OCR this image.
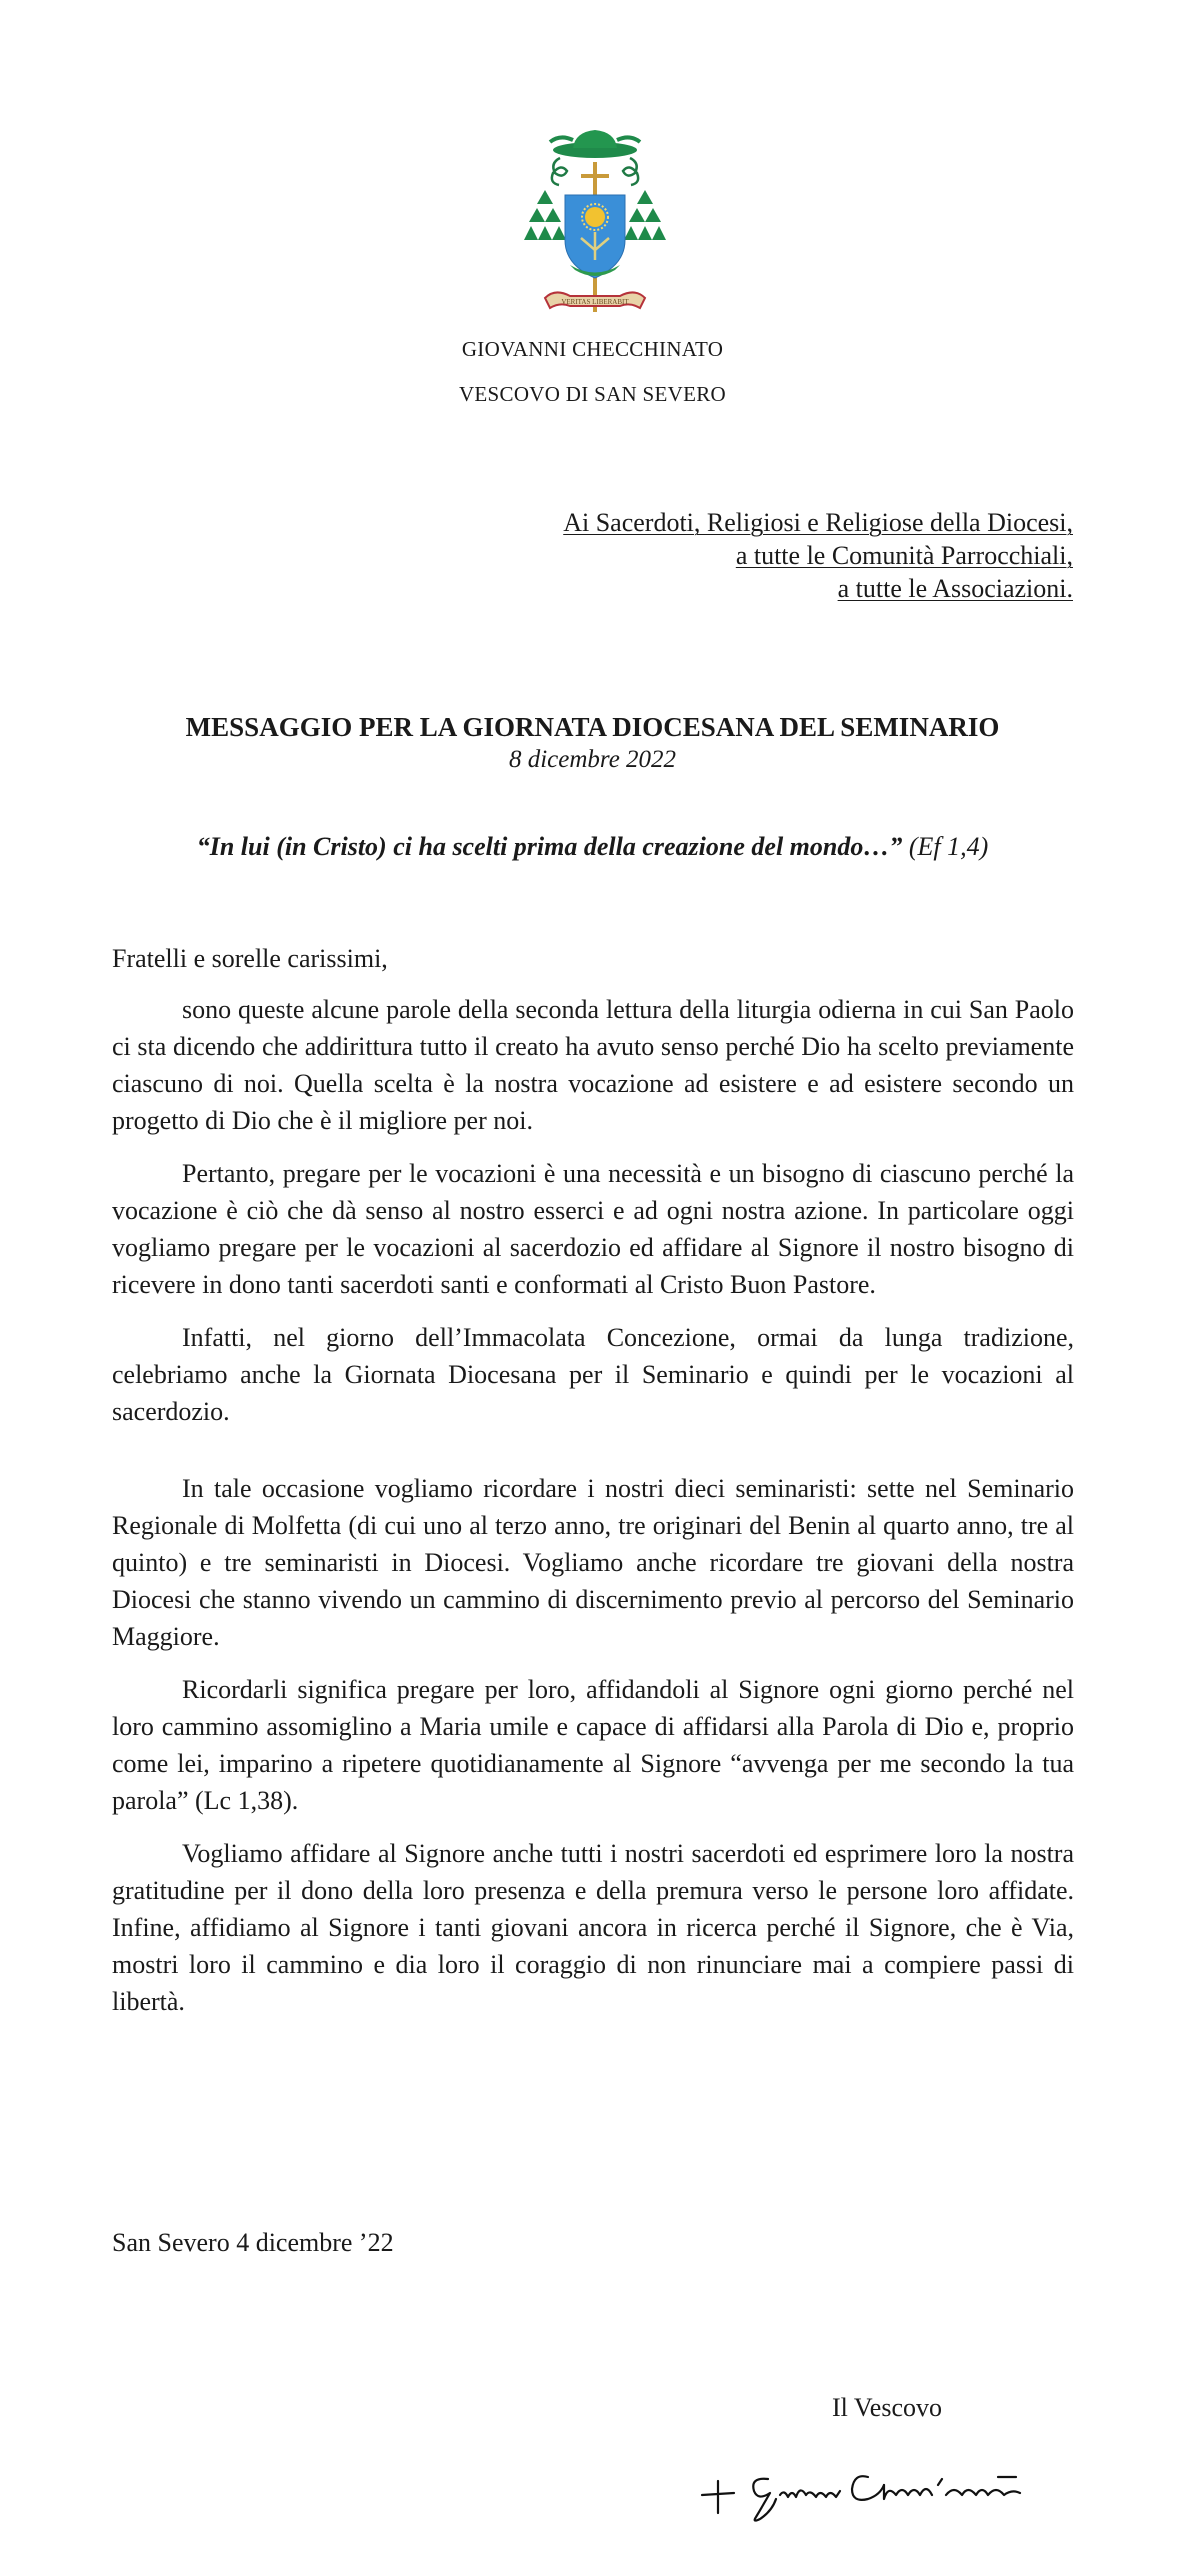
VERITAS LIBERABIT
GIOVANNI CHECCHINATO
VESCOVO DI SAN SEVERO
Ai Sacerdoti, Religiosi e Religiose della Diocesi,
a tutte le Comunità Parrocchiali,
a tutte le Associazioni.
MESSAGGIO PER LA GIORNATA DIOCESANA DEL SEMINARIO
8 dicembre 2022
“In lui (in Cristo) ci ha scelti prima della creazione del mondo…” (Ef 1,4)

Fratelli e sorelle carissimi,

sono queste alcune parole della seconda lettura della liturgia odierna in cui San Paolo ci sta dicendo che addirittura tutto il creato ha avuto senso perché Dio ha scelto previamente ciascuno di noi. Quella scelta è la nostra vocazione ad esistere e ad esistere secondo un progetto di Dio che è il migliore per noi.

Pertanto, pregare per le vocazioni è una necessità e un bisogno di ciascuno perché la vocazione è ciò che dà senso al nostro esserci e ad ogni nostra azione. In particolare oggi vogliamo pregare per le vocazioni al sacerdozio ed affidare al Signore il nostro bisogno di ricevere in dono tanti sacerdoti santi e conformati al Cristo Buon Pastore.

Infatti, nel giorno dell’Immacolata Concezione, ormai da lunga tradizione, celebriamo anche la Giornata Diocesana per il Seminario e quindi per le vocazioni al sacerdozio.

In tale occasione vogliamo ricordare i nostri dieci seminaristi: sette nel Seminario Regionale di Molfetta (di cui uno al terzo anno, tre originari del Benin al quarto anno, tre al quinto) e tre seminaristi in Diocesi. Vogliamo anche ricordare tre giovani della nostra Diocesi che stanno vivendo un cammino di discernimento previo al percorso del Seminario Maggiore.

Ricordarli significa pregare per loro, affidandoli al Signore ogni giorno perché nel loro cammino assomiglino a Maria umile e capace di affidarsi alla Parola di Dio e, proprio come lei, imparino a ripetere quotidianamente al Signore “avvenga per me secondo la tua parola” (Lc 1,38).

Vogliamo affidare al Signore anche tutti i nostri sacerdoti ed esprimere loro la nostra gratitudine per il dono della loro presenza e della premura verso le persone loro affidate. Infine, affidiamo al Signore i tanti giovani ancora in ricerca perché il Signore, che è Via, mostri loro il cammino e dia loro il coraggio di non rinunciare mai a compiere passi di libertà.

San Severo 4 dicembre ’22
Il Vescovo
